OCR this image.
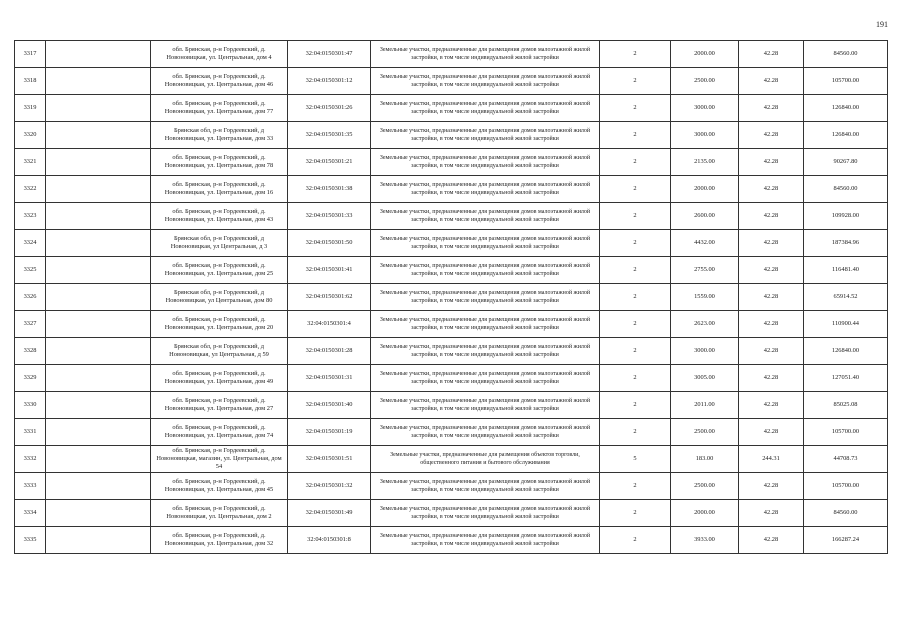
191
3317		обл. Брянская, р-н Гордеевский, д. Новоновицкая, ул. Центральная, дом 4	32:04:0150301:47	Земельные участки, предназначенные для размещения домов малоэтажной жилой застройки, в том числе индивидуальной жилой застройки	2	2000.00	42.28	84560.00
3318		обл. Брянская, р-н Гордеевский, д. Новоновицкая, ул. Центральная, дом 46	32:04:0150301:12	Земельные участки, предназначенные для размещения домов малоэтажной жилой застройки, в том числе индивидуальной жилой застройки	2	2500.00	42.28	105700.00
3319		обл. Брянская, р-н Гордеевский, д. Новоновицкая, ул. Центральная, дом 77	32:04:0150301:26	Земельные участки, предназначенные для размещения домов малоэтажной жилой застройки, в том числе индивидуальной жилой застройки	2	3000.00	42.28	126840.00
3320		Брянская обл, р-н Гордеевский, д Новоновицкая, ул. Центральная, дом 33	32:04:0150301:35	Земельные участки, предназначенные для размещения домов малоэтажной жилой застройки, в том числе индивидуальной жилой застройки	2	3000.00	42.28	126840.00
3321		обл. Брянская, р-н Гордеевский, д. Новоновицкая, ул. Центральная, дом 78	32:04:0150301:21	Земельные участки, предназначенные для размещения домов малоэтажной жилой застройки, в том числе индивидуальной жилой застройки	2	2135.00	42.28	90267.80
3322		обл. Брянская, р-н Гордеевский, д. Новоновицкая, ул. Центральная, дом 16	32:04:0150301:38	Земельные участки, предназначенные для размещения домов малоэтажной жилой застройки, в том числе индивидуальной жилой застройки	2	2000.00	42.28	84560.00
3323		обл. Брянская, р-н Гордеевский, д. Новоновицкая, ул. Центральная, дом 43	32:04:0150301:33	Земельные участки, предназначенные для размещения домов малоэтажной жилой застройки, в том числе индивидуальной жилой застройки	2	2600.00	42.28	109928.00
3324		Брянская обл, р-н Гордеевский, д Новоновицкая, ул Центральная, д 3	32:04:0150301:50	Земельные участки, предназначенные для размещения домов малоэтажной жилой застройки, в том числе индивидуальной жилой застройки	2	4432.00	42.28	187384.96
3325		обл. Брянская, р-н Гордеевский, д. Новоновицкая, ул. Центральная, дом 25	32:04:0150301:41	Земельные участки, предназначенные для размещения домов малоэтажной жилой застройки, в том числе индивидуальной жилой застройки	2	2755.00	42.28	116481.40
3326		Брянская обл, р-н Гордеевский, д Новоновицкая, ул Центральная, дом 80	32:04:0150301:62	Земельные участки, предназначенные для размещения домов малоэтажной жилой застройки, в том числе индивидуальной жилой застройки	2	1559.00	42.28	65914.52
3327		обл. Брянская, р-н Гордеевский, д. Новоновицкая, ул. Центральная, дом 20	32:04:0150301:4	Земельные участки, предназначенные для размещения домов малоэтажной жилой застройки, в том числе индивидуальной жилой застройки	2	2623.00	42.28	110900.44
3328		Брянская обл, р-н Гордеевский, д Новоновицкая, ул Центральная, д 59	32:04:0150301:28	Земельные участки, предназначенные для размещения домов малоэтажной жилой застройки, в том числе индивидуальной жилой застройки	2	3000.00	42.28	126840.00
3329		обл. Брянская, р-н Гордеевский, д. Новоновицкая, ул. Центральная, дом 49	32:04:0150301:31	Земельные участки, предназначенные для размещения домов малоэтажной жилой застройки, в том числе индивидуальной жилой застройки	2	3005.00	42.28	127051.40
3330		обл. Брянская, р-н Гордеевский, д. Новоновицкая, ул. Центральная, дом 27	32:04:0150301:40	Земельные участки, предназначенные для размещения домов малоэтажной жилой застройки, в том числе индивидуальной жилой застройки	2	2011.00	42.28	85025.08
3331		обл. Брянская, р-н Гордеевский, д. Новоновицкая, ул. Центральная, дом 74	32:04:0150301:19	Земельные участки, предназначенные для размещения домов малоэтажной жилой застройки, в том числе индивидуальной жилой застройки	2	2500.00	42.28	105700.00
3332		обл. Брянская, р-н Гордеевский, д. Новоновицкая, магазин, ул. Центральная, дом 54	32:04:0150301:51	Земельные участки, предназначенные для размещения объектов торговли, общественного питания и бытового обслуживания	5	183.00	244.31	44708.73
3333		обл. Брянская, р-н Гордеевский, д. Новоновицкая, ул. Центральная, дом 45	32:04:0150301:32	Земельные участки, предназначенные для размещения домов малоэтажной жилой застройки, в том числе индивидуальной жилой застройки	2	2500.00	42.28	105700.00
3334		обл. Брянская, р-н Гордеевский, д. Новоновицкая, ул. Центральная, дом 2	32:04:0150301:49	Земельные участки, предназначенные для размещения домов малоэтажной жилой застройки, в том числе индивидуальной жилой застройки	2	2000.00	42.28	84560.00
3335		обл. Брянская, р-н Гордеевский, д. Новоновицкая, ул. Центральная, дом 32	32:04:0150301:8	Земельные участки, предназначенные для размещения домов малоэтажной жилой застройки, в том числе индивидуальной жилой застройки	2	3933.00	42.28	166287.24
